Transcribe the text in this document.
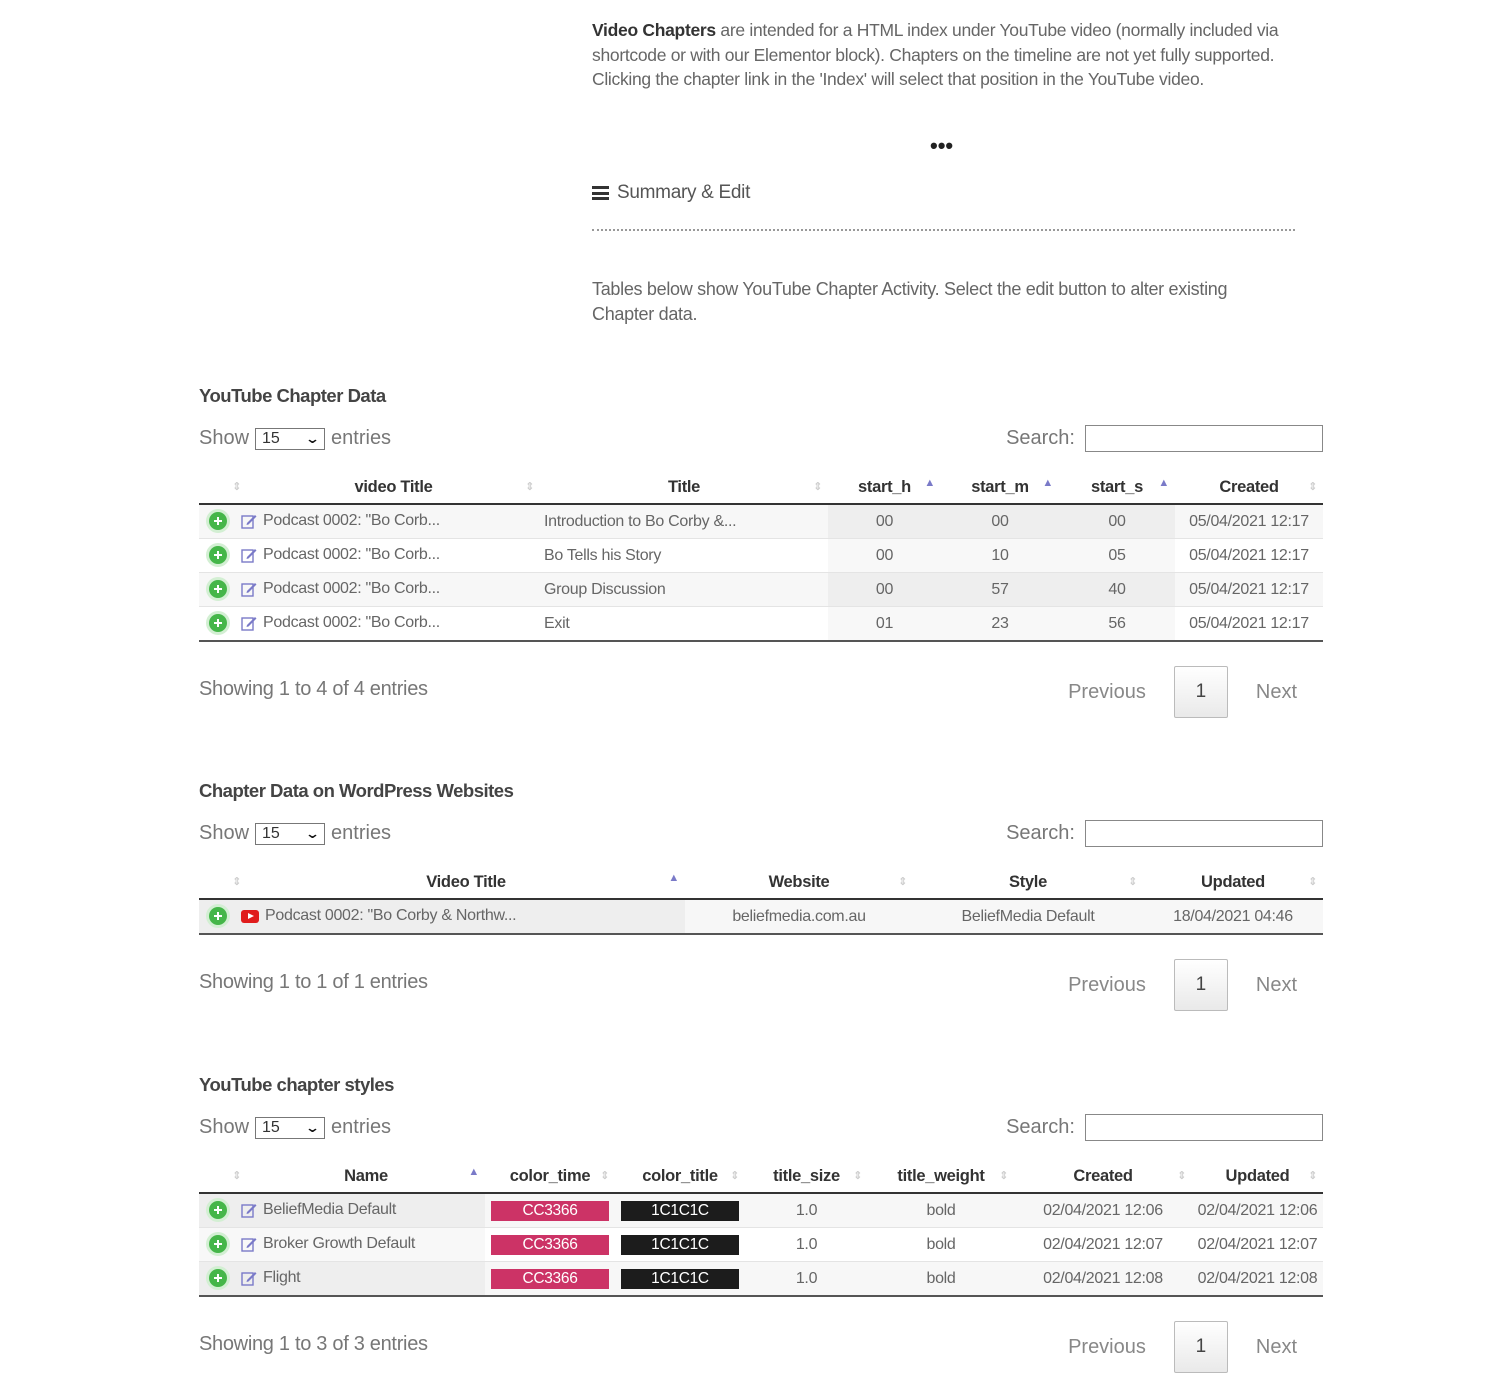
Video Chapters are intended for a HTML index under YouTube video (normally included via shortcode or with our Elementor block). Chapters on the timeline are not yet fully supported. Clicking the chapter link in the 'Index' will select that position in the YouTube video.
•••
Summary & Edit
Tables below show YouTube Chapter Activity. Select the edit button to alter existing Chapter data.
YouTube Chapter Data
Show 15 ⌄ entries	Search:
⇕	video Title ⇕	Title ⇕	start_h ▲	start_m ▲	start_s ▲	Created ⇕

Podcast 0002: "Bo Corb...		Introduction to Bo Corby &...	00	00	00	05/04/2021 12:17
Podcast 0002: "Bo Corb...		Bo Tells his Story	00	10	05	05/04/2021 12:17
Podcast 0002: "Bo Corb...		Group Discussion	00	57	40	05/04/2021 12:17
Podcast 0002: "Bo Corb...		Exit	01	23	56	05/04/2021 12:17
Showing 1 to 4 of 4 entries	Previous	1	Next
Chapter Data on WordPress Websites
Show 15 ⌄ entries	Search:
⇕	Video Title ▲	Website ⇕	Style ⇕	Updated ⇕

Podcast 0002: "Bo Corby & Northw...		beliefmedia.com.au	BeliefMedia Default	18/04/2021 04:46
Showing 1 to 1 of 1 entries	Previous	1	Next
YouTube chapter styles
Show 15 ⌄ entries	Search:
⇕	Name ▲	color_time ⇕	color_title ⇕	title_size ⇕	title_weight ⇕	Created ⇕	Updated ⇕

BeliefMedia Default		CC3366	1C1C1C	1.0	bold	02/04/2021 12:06	02/04/2021 12:06
Broker Growth Default		CC3366	1C1C1C	1.0	bold	02/04/2021 12:07	02/04/2021 12:07
Flight		CC3366	1C1C1C	1.0	bold	02/04/2021 12:08	02/04/2021 12:08
Showing 1 to 3 of 3 entries	Previous	1	Next
